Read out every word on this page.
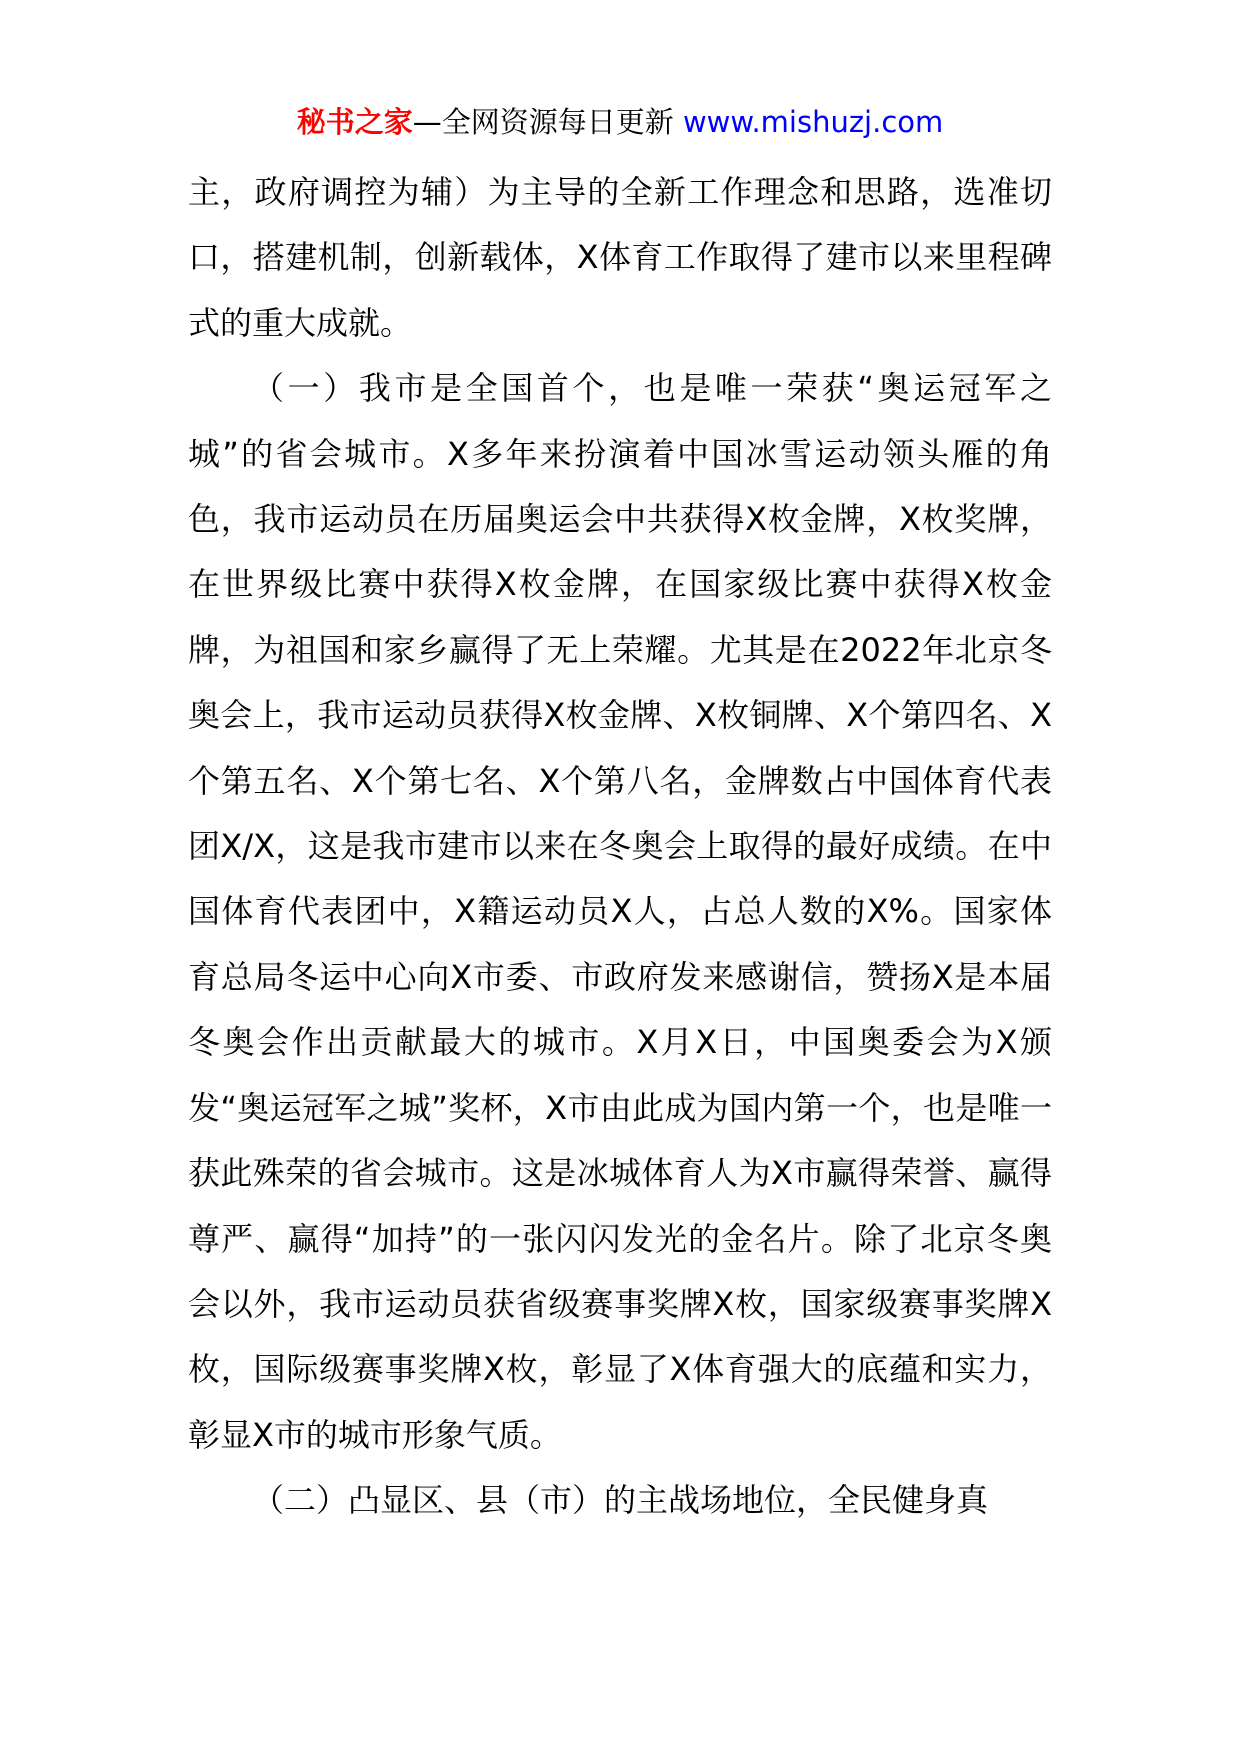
秘书之家—全网资源每日更新 www.mishuzj.com

主，政府调控为辅）为主导的全新工作理念和思路，选准切口，搭建机制，创新载体，X体育工作取得了建市以来里程碑式的重大成就。

（一）我市是全国首个，也是唯一荣获“奥运冠军之城”的省会城市。X多年来扮演着中国冰雪运动领头雁的角色，我市运动员在历届奥运会中共获得X枚金牌，X枚奖牌，在世界级比赛中获得X枚金牌，在国家级比赛中获得X枚金牌，为祖国和家乡赢得了无上荣耀。尤其是在2022年北京冬奥会上，我市运动员获得X枚金牌、X枚铜牌、X个第四名、X个第五名、X个第七名、X个第八名，金牌数占中国体育代表团X/X，这是我市建市以来在冬奥会上取得的最好成绩。在中国体育代表团中，X籍运动员X人，占总人数的X%。国家体育总局冬运中心向X市委、市政府发来感谢信，赞扬X是本届冬奥会作出贡献最大的城市。X月X日，中国奥委会为X颁发“奥运冠军之城”奖杯，X市由此成为国内第一个，也是唯一获此殊荣的省会城市。这是冰城体育人为X市赢得荣誉、赢得尊严、赢得“加持”的一张闪闪发光的金名片。除了北京冬奥会以外，我市运动员获省级赛事奖牌X枚，国家级赛事奖牌X枚，国际级赛事奖牌X枚，彰显了X体育强大的底蕴和实力，彰显X市的城市形象气质。

（二）凸显区、县（市）的主战场地位，全民健身真
